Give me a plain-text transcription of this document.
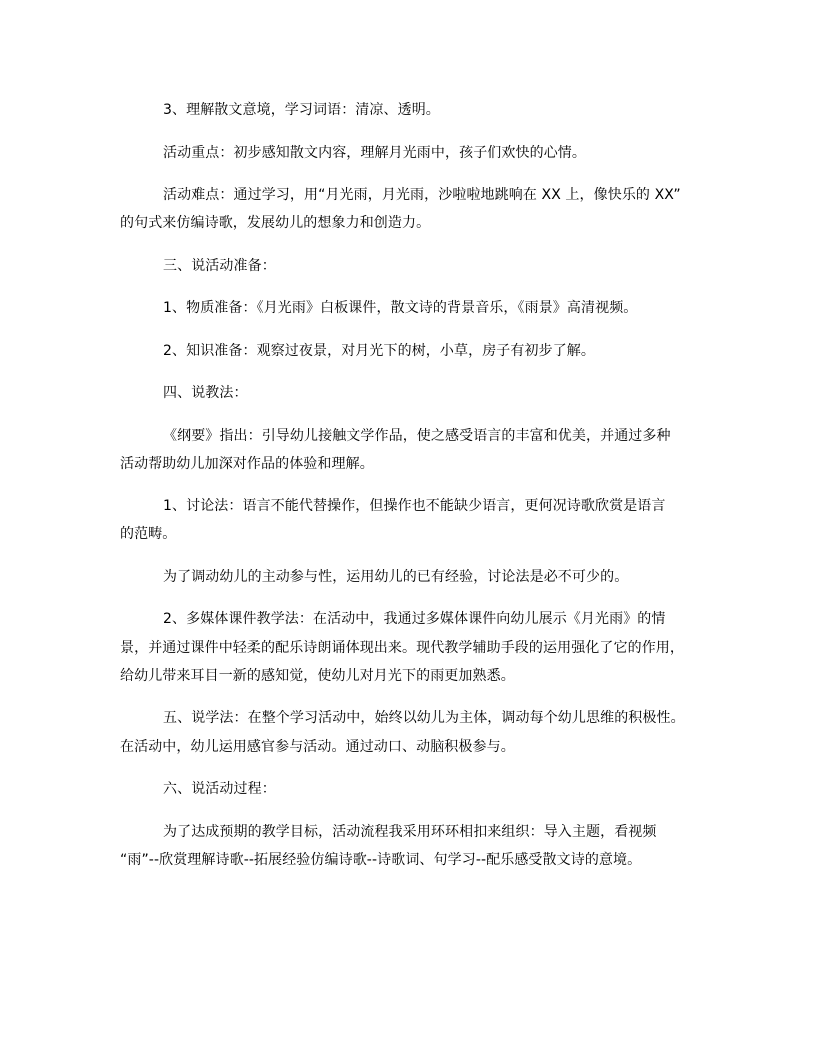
3、理解散文意境，学习词语：清凉、透明。
活动重点：初步感知散文内容，理解月光雨中，孩子们欢快的心情。
活动难点：通过学习，用“月光雨，月光雨，沙啦啦地跳响在 XX 上，像快乐的 XX”
的句式来仿编诗歌，发展幼儿的想象力和创造力。
三、说活动准备：
1、物质准备：《月光雨》白板课件，散文诗的背景音乐，《雨景》高清视频。
2、知识准备：观察过夜景，对月光下的树，小草，房子有初步了解。
四、说教法：
《纲要》指出：引导幼儿接触文学作品，使之感受语言的丰富和优美，并通过多种
活动帮助幼儿加深对作品的体验和理解。
1、讨论法：语言不能代替操作，但操作也不能缺少语言，更何况诗歌欣赏是语言
的范畴。
为了调动幼儿的主动参与性，运用幼儿的已有经验，讨论法是必不可少的。
2、多媒体课件教学法：在活动中，我通过多媒体课件向幼儿展示《月光雨》的情
景，并通过课件中轻柔的配乐诗朗诵体现出来。现代教学辅助手段的运用强化了它的作用，
给幼儿带来耳目一新的感知觉，使幼儿对月光下的雨更加熟悉。
五、说学法：在整个学习活动中，始终以幼儿为主体，调动每个幼儿思维的积极性。
在活动中，幼儿运用感官参与活动。通过动口、动脑积极参与。
六、说活动过程：
为了达成预期的教学目标，活动流程我采用环环相扣来组织：导入主题，看视频
“雨”--欣赏理解诗歌--拓展经验仿编诗歌--诗歌词、句学习--配乐感受散文诗的意境。
